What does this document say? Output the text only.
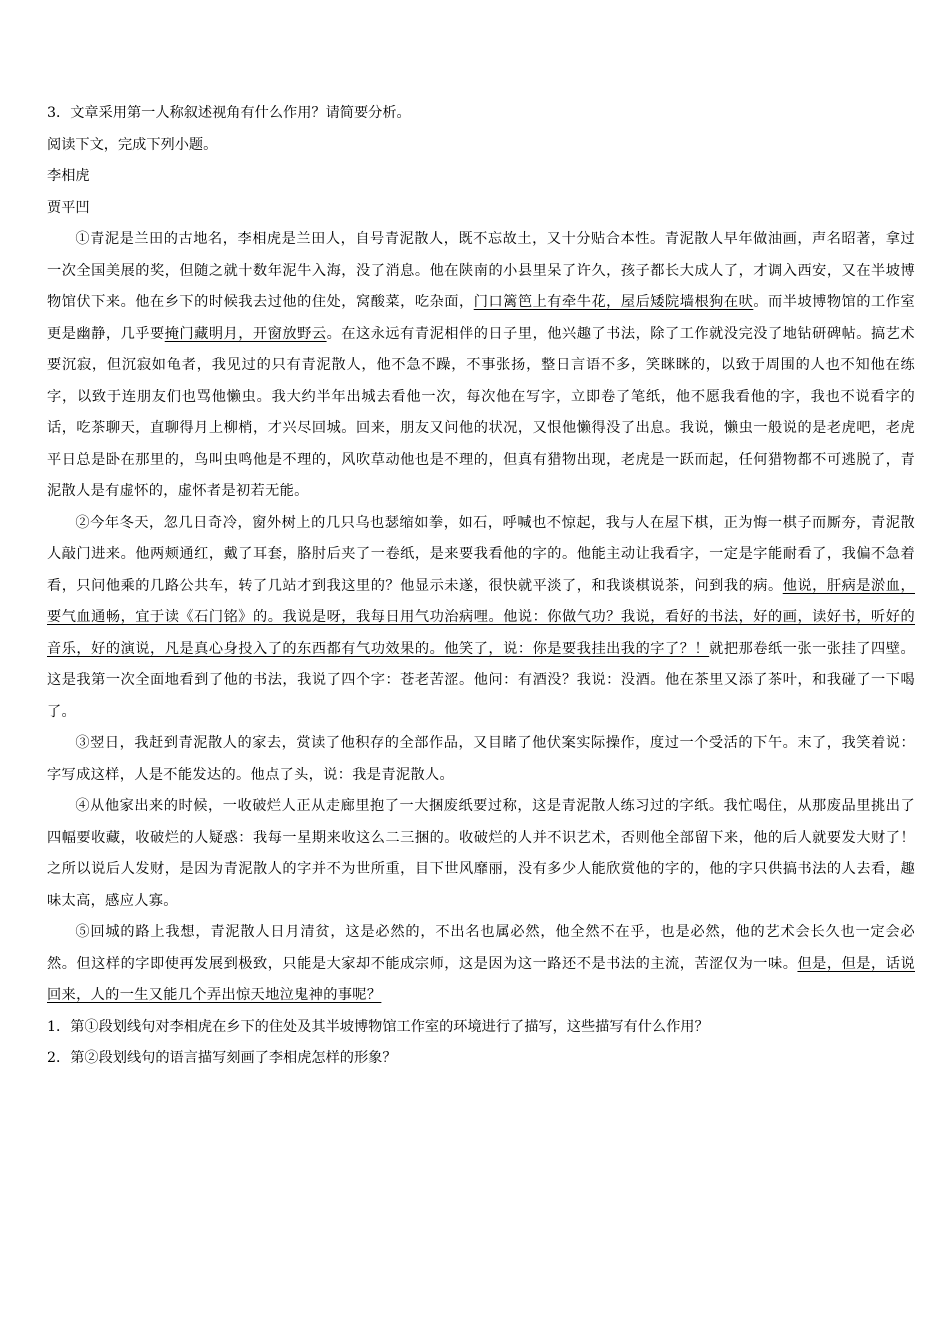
3．文章采用第一人称叙述视角有什么作用？请简要分析。

阅读下文，完成下列小题。

李相虎

贾平凹

①青泥是兰田的古地名，李相虎是兰田人，自号青泥散人，既不忘故土，又十分贴合本性。青泥散人早年做油画，声名昭著，拿过一次全国美展的奖，但随之就十数年泥牛入海，没了消息。他在陕南的小县里呆了许久，孩子都长大成人了，才调入西安，又在半坡博物馆伏下来。他在乡下的时候我去过他的住处，窝酸菜，吃杂面，门口篱笆上有牵牛花，屋后矮院墙根狗在吠。而半坡博物馆的工作室更是幽静，几乎要掩门藏明月，开窗放野云。在这永远有青泥相伴的日子里，他兴趣了书法，除了工作就没完没了地钻研碑帖。搞艺术要沉寂，但沉寂如龟者，我见过的只有青泥散人，他不急不躁，不事张扬，整日言语不多，笑眯眯的，以致于周围的人也不知他在练字，以致于连朋友们也骂他懒虫。我大约半年出城去看他一次，每次他在写字，立即卷了笔纸，他不愿我看他的字，我也不说看字的话，吃茶聊天，直聊得月上柳梢，才兴尽回城。回来，朋友又问他的状况，又恨他懒得没了出息。我说，懒虫一般说的是老虎吧，老虎平日总是卧在那里的，鸟叫虫鸣他是不理的，风吹草动他也是不理的，但真有猎物出现，老虎是一跃而起，任何猎物都不可逃脱了，青泥散人是有虚怀的，虚怀者是初若无能。

②今年冬天，忽几日奇冷，窗外树上的几只乌也瑟缩如拳，如石，呼喊也不惊起，我与人在屋下棋，正为悔一棋子而厮夯，青泥散人敲门进来。他两颊通红，戴了耳套，胳肘后夹了一卷纸，是来要我看他的字的。他能主动让我看字，一定是字能耐看了，我偏不急着看，只问他乘的几路公共车，转了几站才到我这里的？他显示未遂，很快就平淡了，和我谈棋说茶，问到我的病。他说，肝病是淤血，要气血通畅，宜于读《石门铭》的。我说是呀，我每日用气功治病哩。他说：你做气功？我说，看好的书法，好的画，读好书，听好的音乐，好的演说，凡是真心身投入了的东西都有气功效果的。他笑了，说：你是要我挂出我的字了？！就把那卷纸一张一张挂了四壁。这是我第一次全面地看到了他的书法，我说了四个字：苍老苦涩。他问：有酒没？我说：没酒。他在茶里又添了茶叶，和我碰了一下喝了。

③翌日，我赶到青泥散人的家去，赏读了他积存的全部作品，又目睹了他伏案实际操作，度过一个受活的下午。末了，我笑着说：字写成这样，人是不能发达的。他点了头，说：我是青泥散人。

④从他家出来的时候，一收破烂人正从走廊里抱了一大捆废纸要过称，这是青泥散人练习过的字纸。我忙喝住，从那废品里挑出了四幅要收藏，收破烂的人疑惑：我每一星期来收这么二三捆的。收破烂的人并不识艺术，否则他全部留下来，他的后人就要发大财了！之所以说后人发财，是因为青泥散人的字并不为世所重，目下世风靡丽，没有多少人能欣赏他的字的，他的字只供搞书法的人去看，趣味太高，感应人寡。

⑤回城的路上我想，青泥散人日月清贫，这是必然的，不出名也属必然，他全然不在乎，也是必然，他的艺术会长久也一定会必然。但这样的字即使再发展到极致，只能是大家却不能成宗师，这是因为这一路还不是书法的主流，苦涩仅为一味。但是，但是，话说回来，人的一生又能几个弄出惊天地泣鬼神的事呢？

1．第①段划线句对李相虎在乡下的住处及其半坡博物馆工作室的环境进行了描写，这些描写有什么作用？

2．第②段划线句的语言描写刻画了李相虎怎样的形象？
